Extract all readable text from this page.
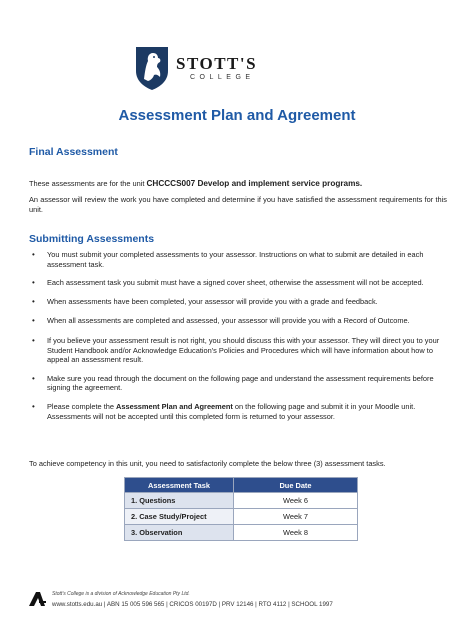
STOTT'S
COLLEGE
Assessment Plan and Agreement
Final Assessment

These assessments are for the unit CHCCCS007 Develop and implement service programs.

An assessor will review the work you have completed and determine if you have satisfied the assessment requirements for this unit.

Submitting Assessments
• You must submit your completed assessments to your assessor. Instructions on what to submit are detailed in each assessment task.
• Each assessment task you submit must have a signed cover sheet, otherwise the assessment will not be accepted.
• When assessments have been completed, your assessor will provide you with a grade and feedback.
• When all assessments are completed and assessed, your assessor will provide you with a Record of Outcome.
• If you believe your assessment result is not right, you should discuss this with your assessor. They will direct you to your Student Handbook and/or Acknowledge Education's Policies and Procedures which will have information about how to appeal an assessment result.
• Make sure you read through the document on the following page and understand the assessment requirements before signing the agreement.
• Please complete the Assessment Plan and Agreement on the following page and submit it in your Moodle unit. Assessments will not be accepted until this completed form is returned to your assessor.

To achieve competency in this unit, you need to satisfactorily complete the below three (3) assessment tasks.

Assessment Task	Due Date
1. Questions	Week 6
2. Case Study/Project	Week 7
3. Observation	Week 8
Stott's College is a division of Acknowledge Education Pty Ltd.
www.stotts.edu.au | ABN 15 005 596 565 | CRICOS 00197D | PRV 12146 | RTO 4112 | SCHOOL 1997
